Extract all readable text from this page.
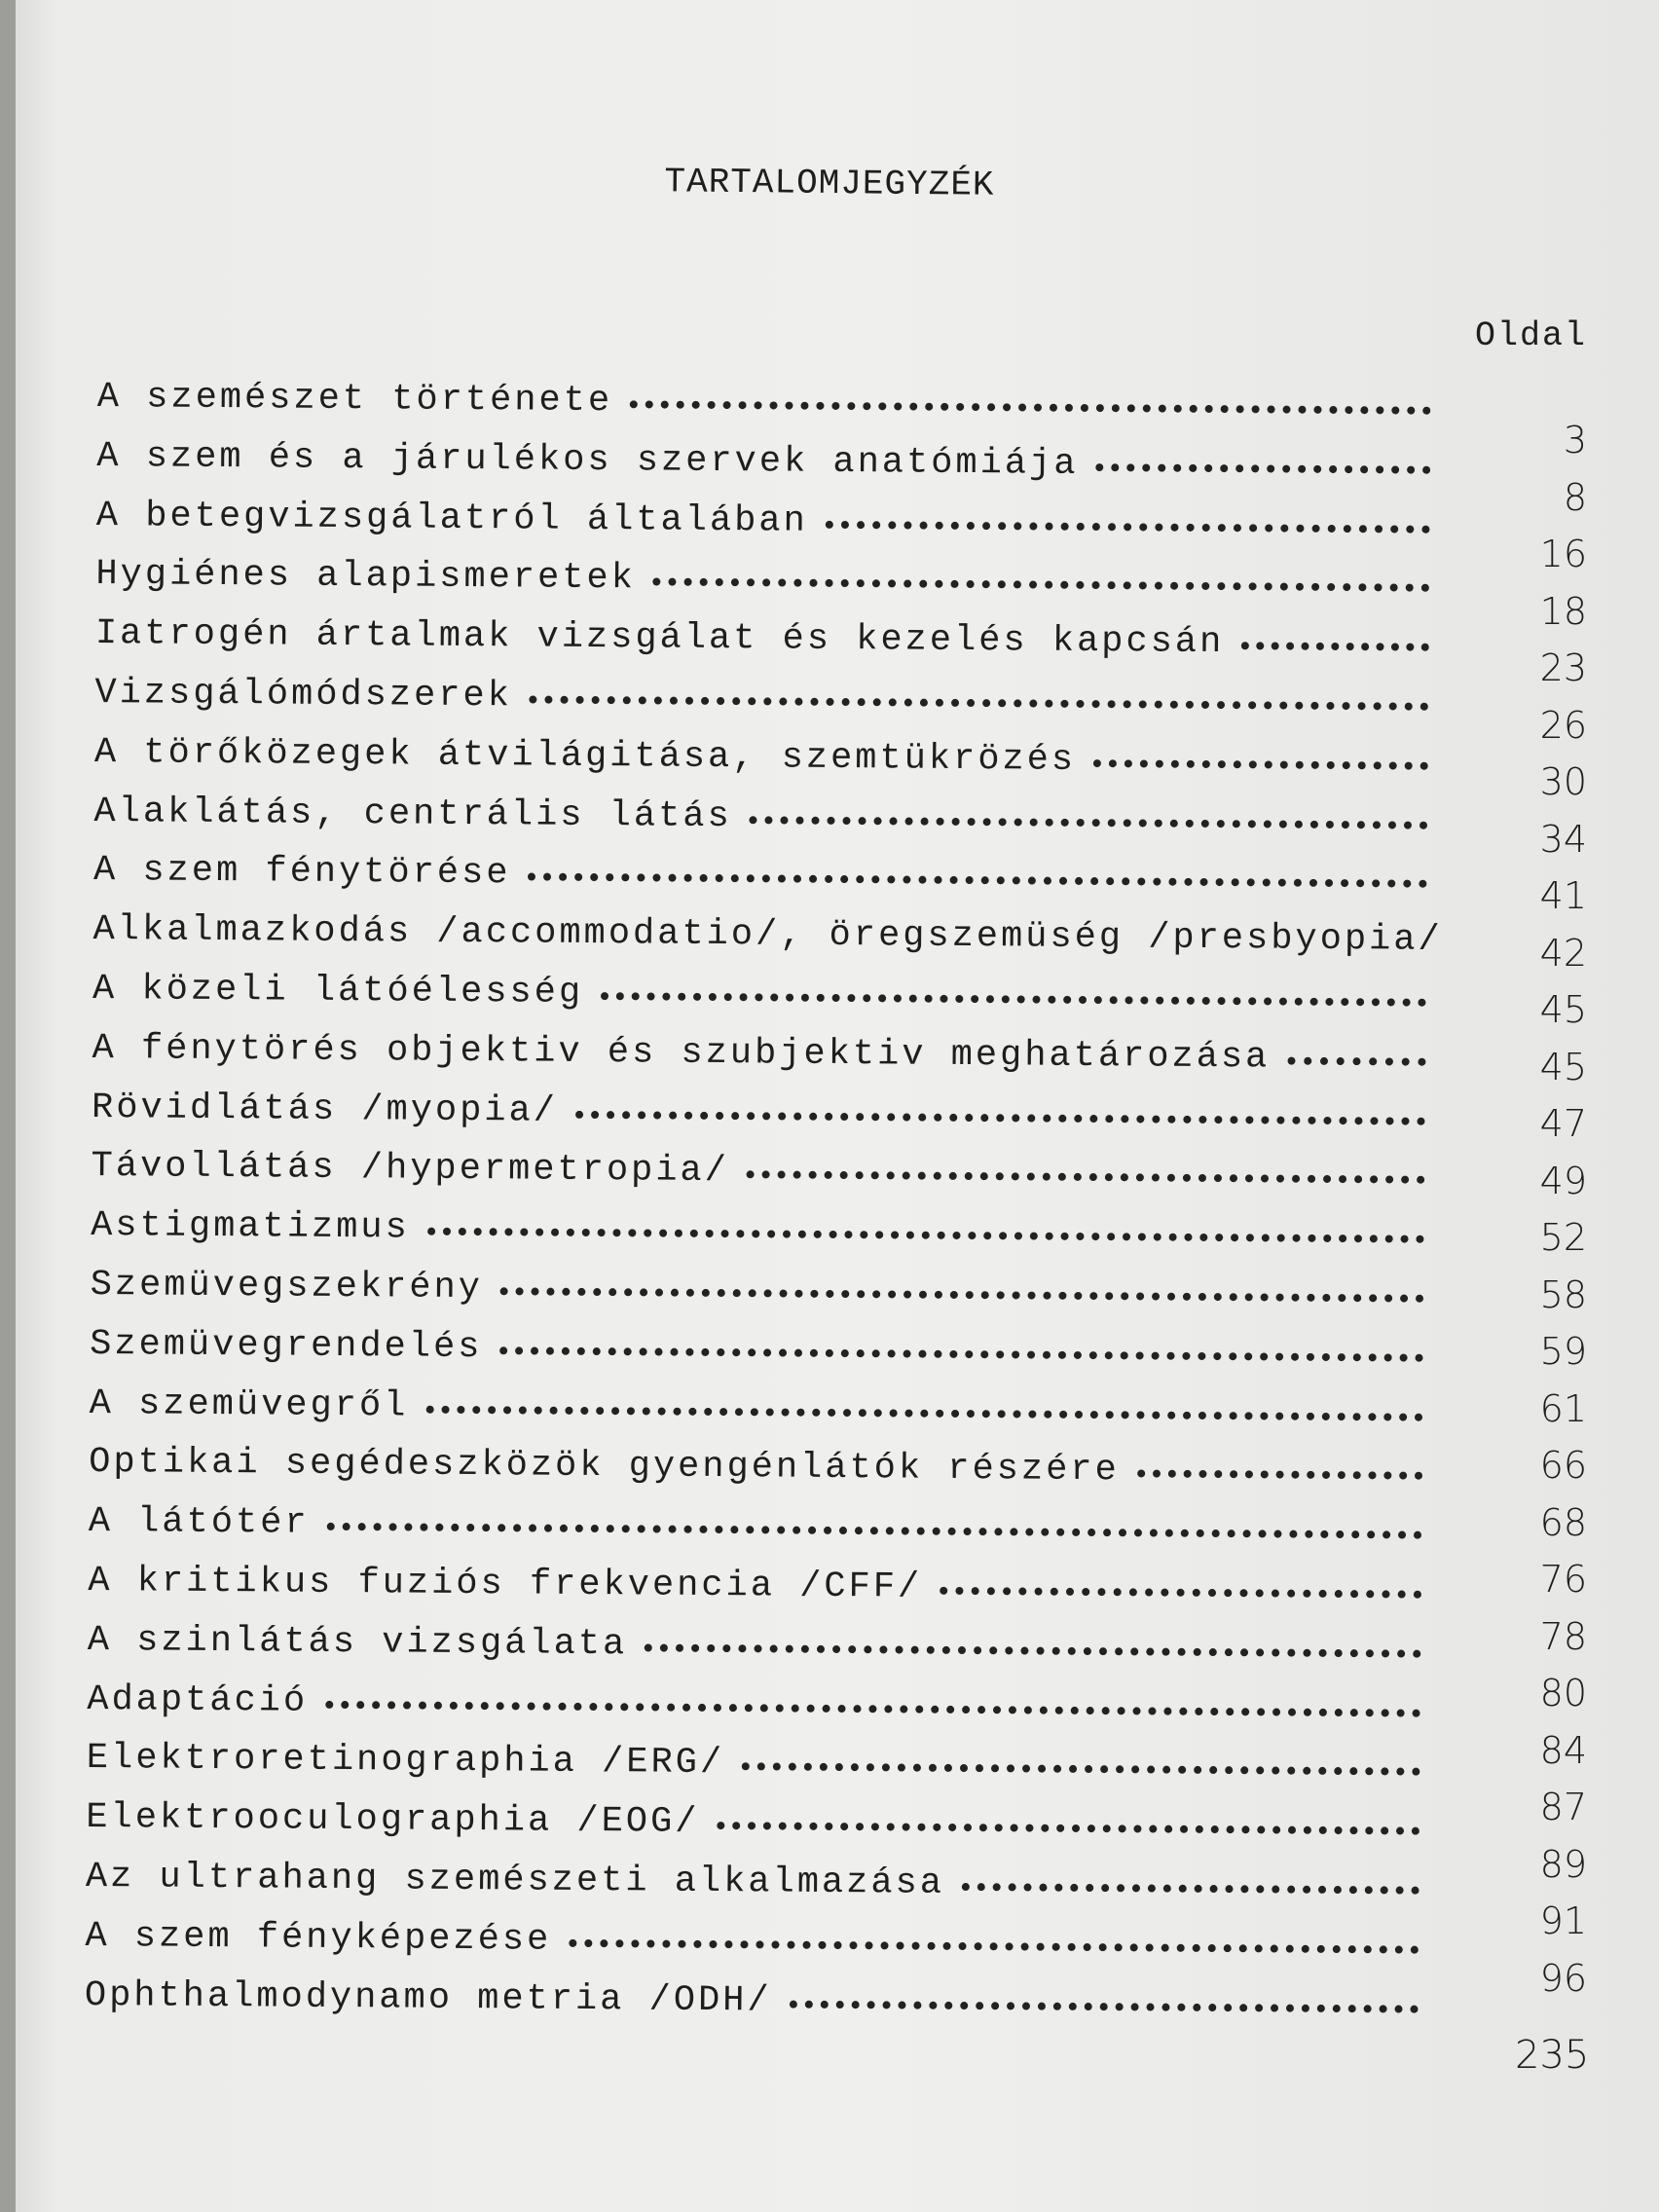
TARTALOMJEGYZÉK
Oldal
A szemészet története
A szem és a járulékos szervek anatómiája
A betegvizsgálatról általában
Hygiénes alapismeretek
Iatrogén ártalmak vizsgálat és kezelés kapcsán
Vizsgálómódszerek
A törőközegek átvilágitása, szemtükrözés
Alaklátás, centrális látás
A szem fénytörése
Alkalmazkodás /accommodatio/, öregszemüség /presbyopia/
A közeli látóélesség
A fénytörés objektiv és szubjektiv meghatározása
Rövidlátás /myopia/
Távollátás /hypermetropia/
Astigmatizmus
Szemüvegszekrény
Szemüvegrendelés
A szemüvegről
Optikai segédeszközök gyengénlátók részére
A látótér
A kritikus fuziós frekvencia /CFF/
A szinlátás vizsgálata
Adaptáció
Elektroretinographia /ERG/
Elektrooculographia /EOG/
Az ultrahang szemészeti alkalmazása
A szem fényképezése
Ophthalmodynamo metria /ODH/
3
8
16
18
23
26
30
34
41
42
45
45
47
49
52
58
59
61
66
68
76
78
80
84
87
89
91
96
235
